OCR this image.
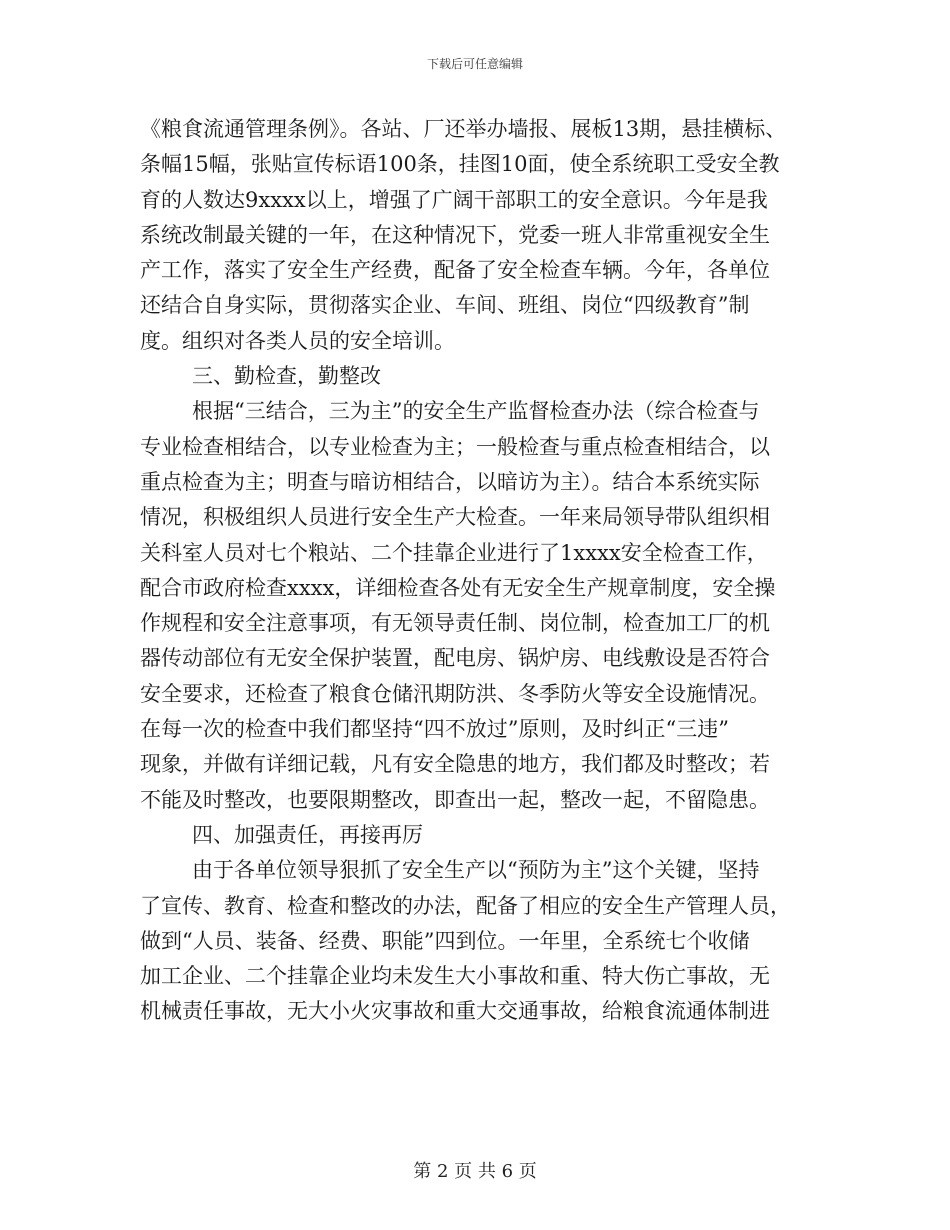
下载后可任意编辑
《粮食流通管理条例》。各站、厂还举办墙报、展板13期，悬挂横标、
条幅15幅，张贴宣传标语100条，挂图10面，使全系统职工受安全教
育的人数达9xxxx以上，增强了广阔干部职工的安全意识。今年是我
系统改制最关键的一年，在这种情况下，党委一班人非常重视安全生
产工作，落实了安全生产经费，配备了安全检查车辆。今年，各单位
还结合自身实际，贯彻落实企业、车间、班组、岗位“四级教育”制
度。组织对各类人员的安全培训。
三、勤检查，勤整改
根据“三结合，三为主”的安全生产监督检查办法（综合检查与
专业检查相结合，以专业检查为主；一般检查与重点检查相结合，以
重点检查为主；明查与暗访相结合，以暗访为主）。结合本系统实际
情况，积极组织人员进行安全生产大检查。一年来局领导带队组织相
关科室人员对七个粮站、二个挂靠企业进行了1xxxx安全检查工作，
配合市政府检查xxxx，详细检查各处有无安全生产规章制度，安全操
作规程和安全注意事项，有无领导责任制、岗位制，检查加工厂的机
器传动部位有无安全保护装置，配电房、锅炉房、电线敷设是否符合
安全要求，还检查了粮食仓储汛期防洪、冬季防火等安全设施情况。
在每一次的检查中我们都坚持“四不放过”原则，及时纠正“三违”
现象，并做有详细记载，凡有安全隐患的地方，我们都及时整改；若
不能及时整改，也要限期整改，即查出一起，整改一起，不留隐患。
四、加强责任，再接再厉
由于各单位领导狠抓了安全生产以“预防为主”这个关键，坚持
了宣传、教育、检查和整改的办法，配备了相应的安全生产管理人员，
做到“人员、装备、经费、职能”四到位。一年里，全系统七个收储
加工企业、二个挂靠企业均未发生大小事故和重、特大伤亡事故，无
机械责任事故，无大小火灾事故和重大交通事故，给粮食流通体制进
第 2 页 共 6 页
